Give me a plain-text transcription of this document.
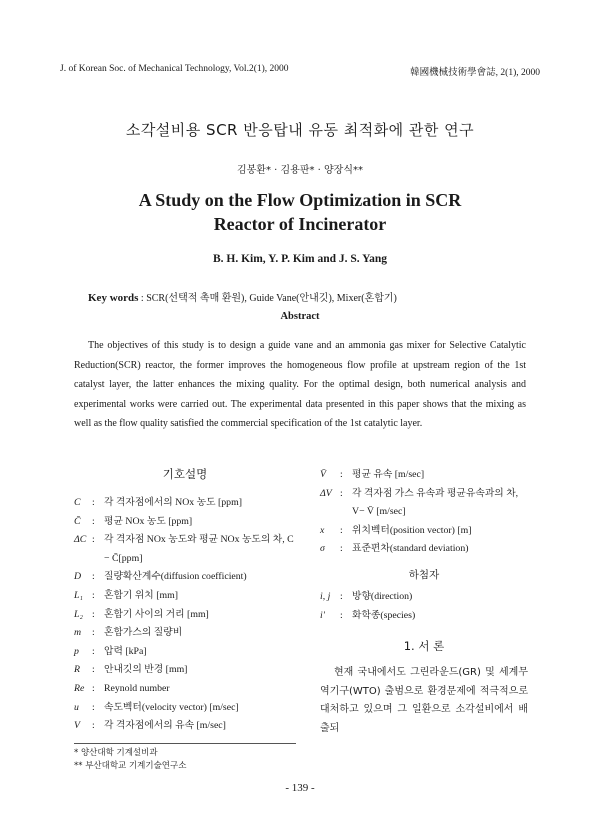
J. of Korean Soc. of Mechanical Technology, Vol.2(1), 2000	韓國機械技術學會誌, 2(1), 2000
소각설비용 SCR 반응탑내 유동 최적화에 관한 연구
김봉환* · 김용판* · 양장식**
A Study on the Flow Optimization in SCR
Reactor of Incinerator
B. H. Kim, Y. P. Kim and J. S. Yang
Key words : SCR(선택적 촉매 환원), Guide Vane(안내깃), Mixer(혼합기)
Abstract

The objectives of this study is to design a guide vane and an ammonia gas mixer for Selective Catalytic Reduction(SCR) reactor, the former improves the homogeneous flow profile at upstream region of the 1st catalyst layer, the latter enhances the mixing quality. For the optimal design, both numerical analysis and experimental works were carried out. The experimental data presented in this paper shows that the mixing as well as the flow quality satisfied the commercial specification of the 1st catalytic layer.

기호설명
C	: 각 격자점에서의 NOx 농도 [ppm]
C̄	: 평균 NOx 농도 [ppm]
ΔC : 각 격자점 NOx 농도와 평균 NOx 농도의 차, C − C̄[ppm]
D	: 질량확산계수(diffusion coefficient)
L₁ : 혼합기 위치 [mm]
L₂ : 혼합기 사이의 거리 [mm]
m	: 혼합가스의 질량비
p	: 압력 [kPa]
R	: 안내깃의 반경 [mm]
Re : Reynold number
u	: 속도벡터(velocity vector) [m/sec]
V	: 각 격자점에서의 유속 [m/sec]
V̄	: 평균 유속 [m/sec]
ΔV : 각 격자점 가스 유속과 평균유속과의 차, V− V̄ [m/sec]
x	: 위치벡터(position vector) [m]
σ	: 표준편차(standard deviation)
하첨자
i, j : 방향(direction)
i'	: 화학종(species)
1. 서 론

현재 국내에서도 그린라운드(GR) 및 세계무역기구(WTO) 출범으로 환경문제에 적극적으로 대처하고 있으며 그 일환으로 소각설비에서 배출되

* 양산대학 기계설비과
** 부산대학교 기계기술연구소
- 139 -
